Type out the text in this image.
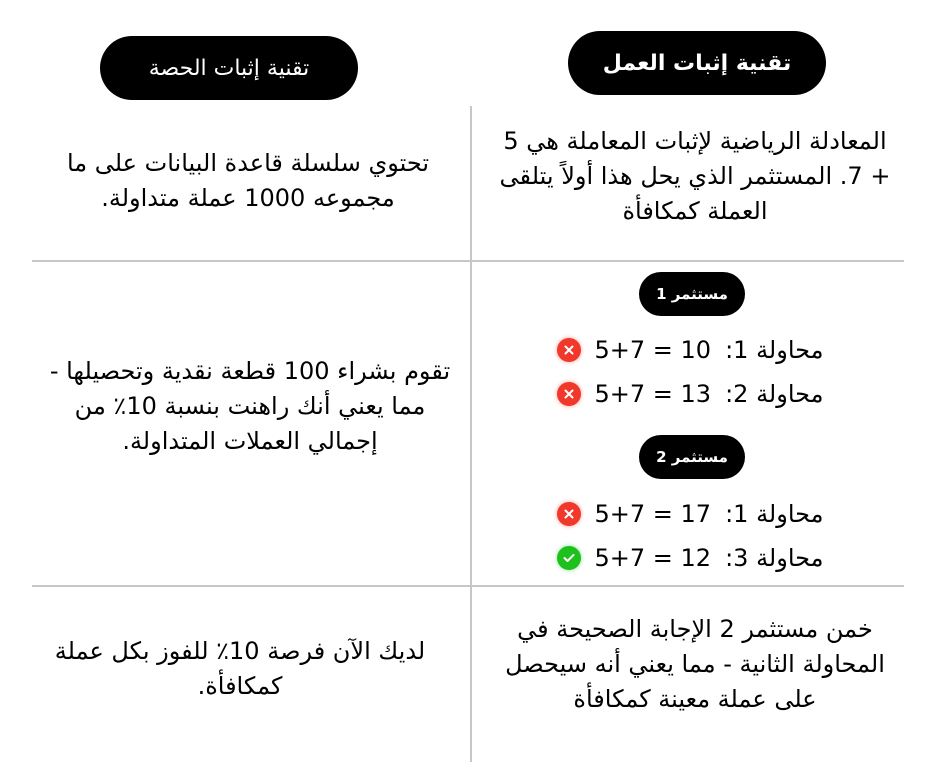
تقنية إثبات العمل
تقنية إثبات الحصة
المعادلة الرياضية لإثبات المعاملة هي 5 + 7. المستثمر الذي يحل هذا أولاً يتلقى العملة كمكافأة
تحتوي سلسلة قاعدة البيانات على ما مجموعه 1000 عملة متداولة.
مستثمر 1
5+7 = 10 محاولة 1:
5+7 = 13 محاولة 2:
مستثمر 2
5+7 = 17 محاولة 1:
5+7 = 12 محاولة 3:
تقوم بشراء 100 قطعة نقدية وتحصيلها - مما يعني أنك راهنت بنسبة 10٪ من إجمالي العملات المتداولة.
خمن مستثمر 2 الإجابة الصحيحة في المحاولة الثانية - مما يعني أنه سيحصل على عملة معينة كمكافأة
لديك الآن فرصة 10٪ للفوز بكل عملة كمكافأة.
